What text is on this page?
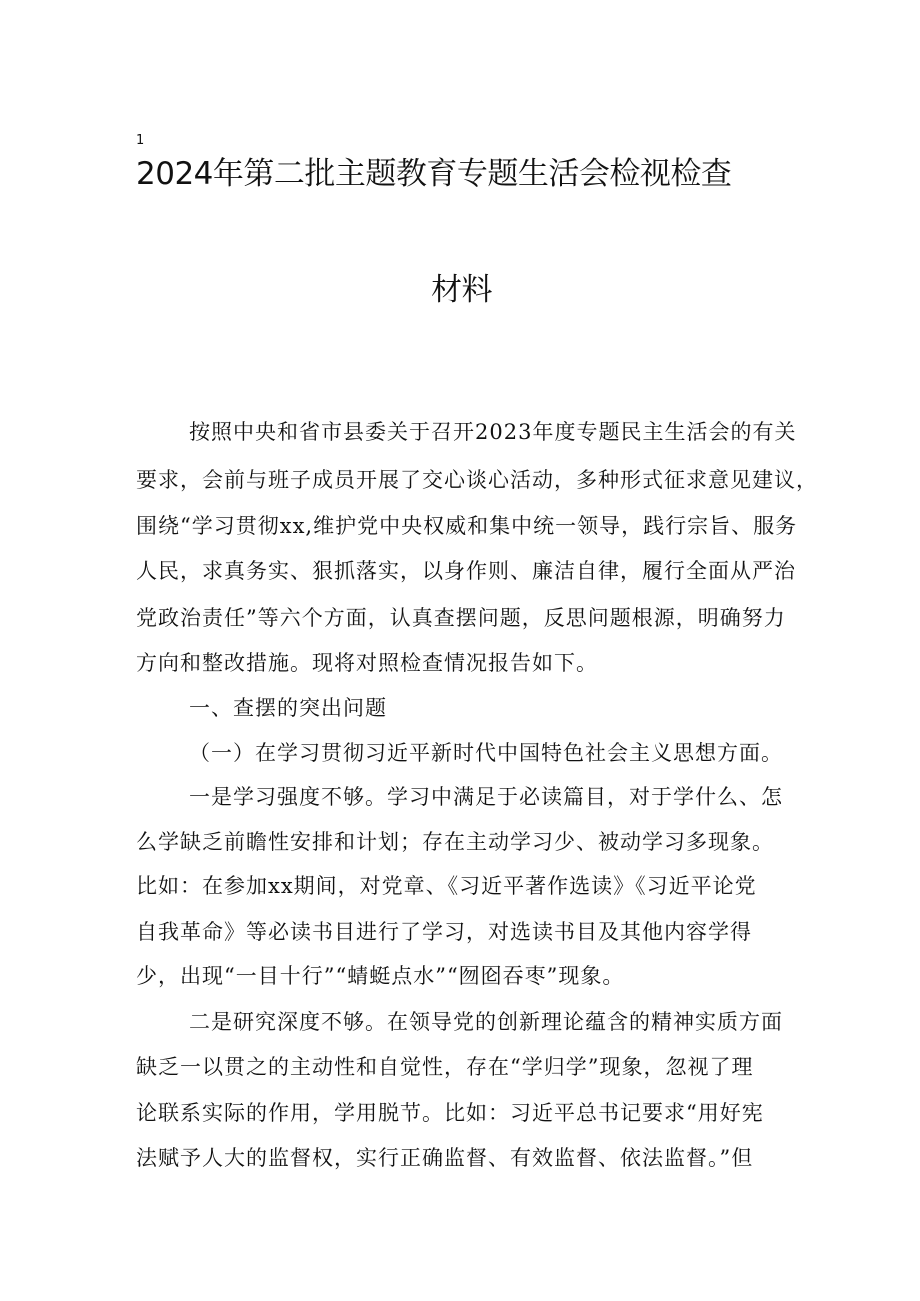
1
2024年第二批主题教育专题生活会检视检查
材料
按照中央和省市县委关于召开2023年度专题民主生活会的有关
要求，会前与班子成员开展了交心谈心活动，多种形式征求意见建议，
围绕“学习贯彻xx,维护党中央权威和集中统一领导，践行宗旨、服务
人民，求真务实、狠抓落实，以身作则、廉洁自律，履行全面从严治
党政治责任”等六个方面，认真查摆问题，反思问题根源，明确努力
方向和整改措施。现将对照检查情况报告如下。
一、查摆的突出问题
（一）在学习贯彻习近平新时代中国特色社会主义思想方面。
一是学习强度不够。学习中满足于必读篇目，对于学什么、怎
么学缺乏前瞻性安排和计划；存在主动学习少、被动学习多现象。
比如：在参加xx期间，对党章、《习近平著作选读》《习近平论党
自我革命》等必读书目进行了学习，对选读书目及其他内容学得
少，出现“一目十行”“蜻蜓点水”“囫囵吞枣”现象。
二是研究深度不够。在领导党的创新理论蕴含的精神实质方面
缺乏一以贯之的主动性和自觉性，存在“学归学”现象，忽视了理
论联系实际的作用，学用脱节。比如：习近平总书记要求“用好宪
法赋予人大的监督权，实行正确监督、有效监督、依法监督。”但
